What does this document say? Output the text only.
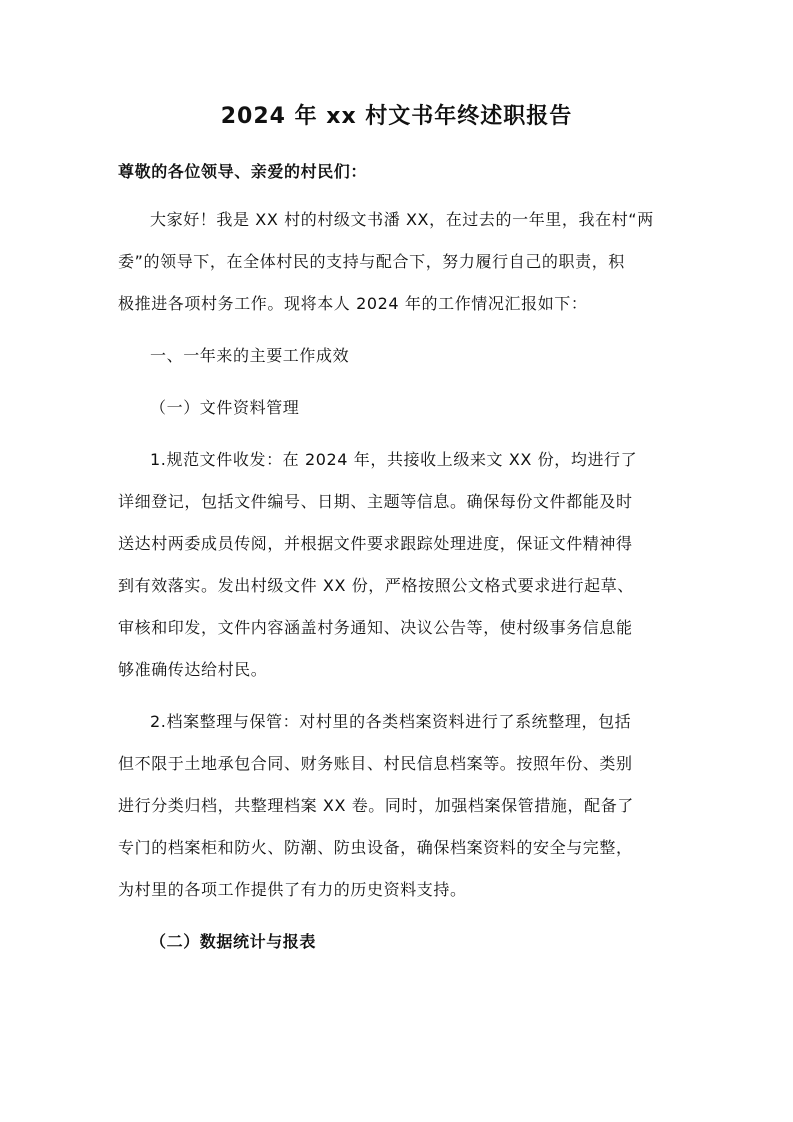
2024 年 xx 村文书年终述职报告
尊敬的各位领导、亲爱的村民们：
大家好！我是 XX 村的村级文书潘 XX，在过去的一年里，我在村“两
委”的领导下，在全体村民的支持与配合下，努力履行自己的职责，积
极推进各项村务工作。现将本人 2024 年的工作情况汇报如下：
一、一年来的主要工作成效
（一）文件资料管理
1.规范文件收发：在 2024 年，共接收上级来文 XX 份，均进行了
详细登记，包括文件编号、日期、主题等信息。确保每份文件都能及时
送达村两委成员传阅，并根据文件要求跟踪处理进度，保证文件精神得
到有效落实。发出村级文件 XX 份，严格按照公文格式要求进行起草、
审核和印发，文件内容涵盖村务通知、决议公告等，使村级事务信息能
够准确传达给村民。
2.档案整理与保管：对村里的各类档案资料进行了系统整理，包括
但不限于土地承包合同、财务账目、村民信息档案等。按照年份、类别
进行分类归档，共整理档案 XX 卷。同时，加强档案保管措施，配备了
专门的档案柜和防火、防潮、防虫设备，确保档案资料的安全与完整，
为村里的各项工作提供了有力的历史资料支持。
（二）数据统计与报表
